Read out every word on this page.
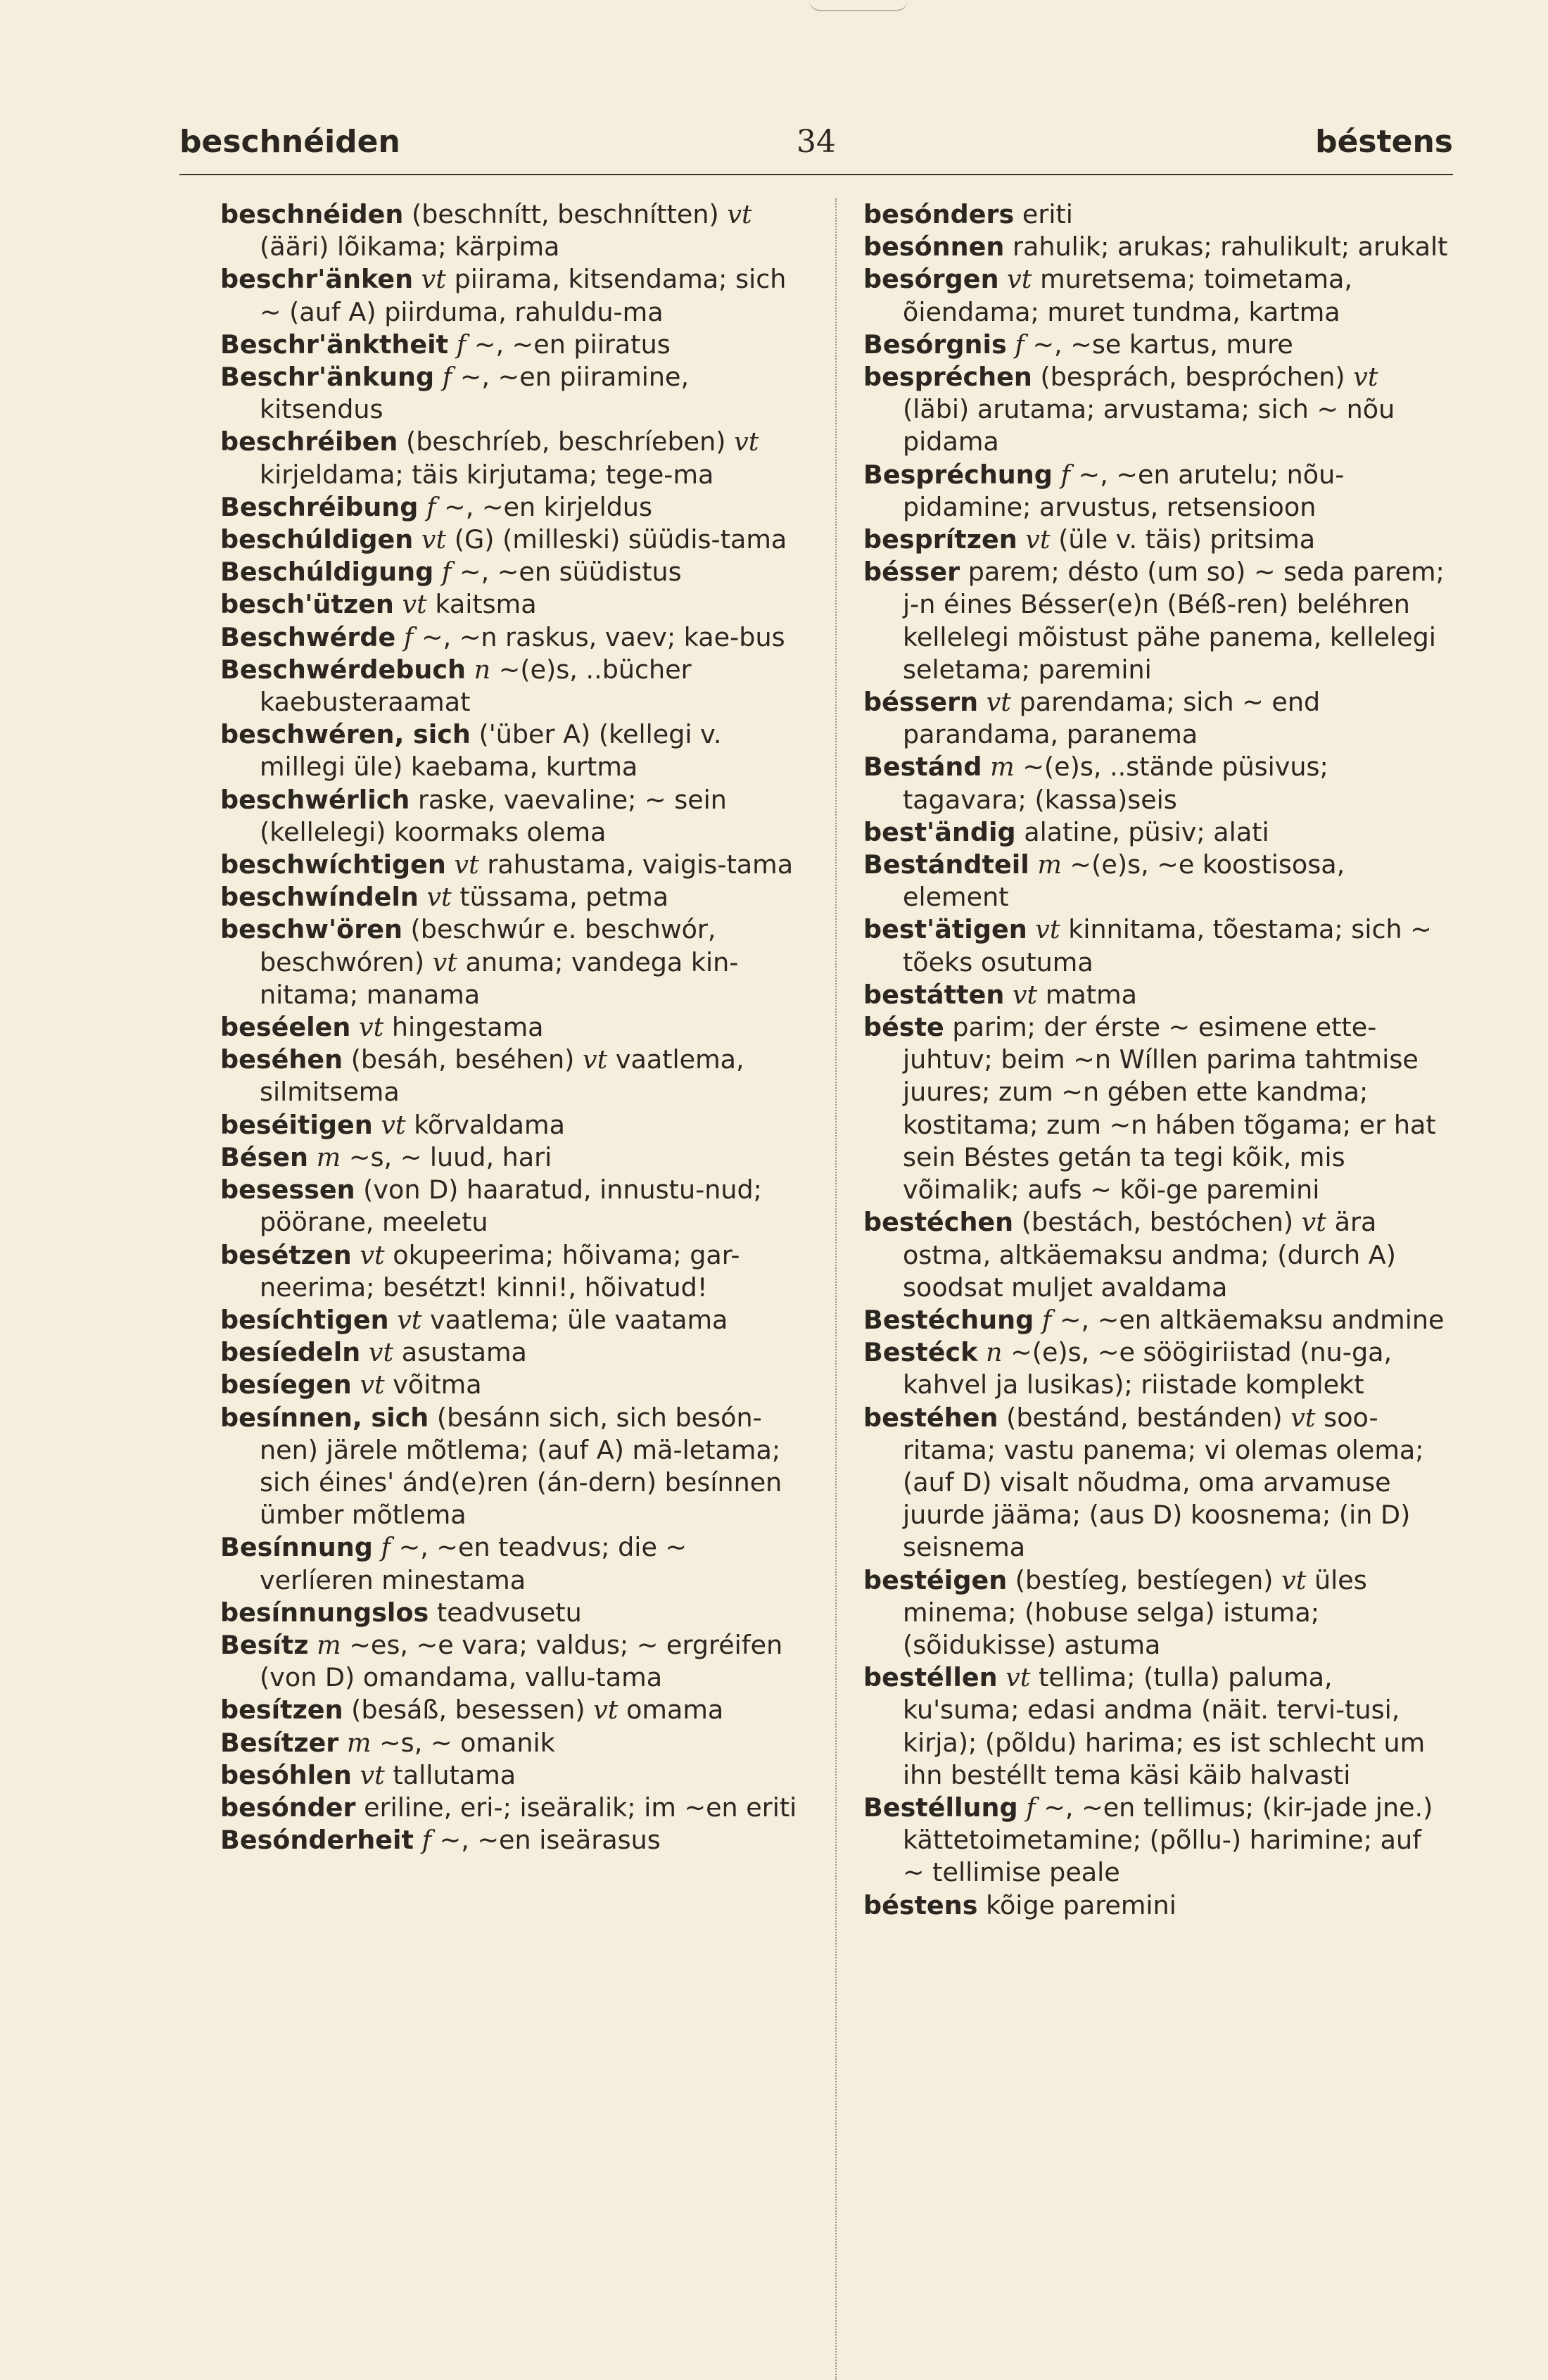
34
beschnéiden	béstens

beschnéiden (beschnítt, beschnítten) vt (ääri) lõikama; kärpima

beschr'änken vt piirama, kitsendama; sich ~ (auf A) piirduma, rahuldu-ma

Beschr'änktheit f ~, ~en piiratus

Beschr'änkung f ~, ~en piiramine, kitsendus

beschréiben (beschríeb, beschríeben) vt kirjeldama; täis kirjutama; tege-ma

Beschréibung f ~, ~en kirjeldus

beschúldigen vt (G) (milleski) süüdis-tama

Beschúldigung f ~, ~en süüdistus

besch'ützen vt kaitsma

Beschwérde f ~, ~n raskus, vaev; kae-bus

Beschwérdebuch n ~(e)s, ..bücher kaebusteraamat

beschwéren, sich ('über A) (kellegi v. millegi üle) kaebama, kurtma

beschwérlich raske, vaevaline; ~ sein (kellelegi) koormaks olema

beschwíchtigen vt rahustama, vaigis-tama

beschwíndeln vt tüssama, petma

beschw'ören (beschwúr e. beschwór, beschwóren) vt anuma; vandega kin-nitama; manama

beséelen vt hingestama

beséhen (besáh, beséhen) vt vaatlema, silmitsema

beséitigen vt kõrvaldama

Bésen m ~s, ~ luud, hari

besessen (von D) haaratud, innustu-nud; pöörane, meeletu

besétzen vt okupeerima; hõivama; gar-neerima; besétzt! kinni!, hõivatud!

besíchtigen vt vaatlema; üle vaatama

besíedeln vt asustama

besíegen vt võitma

besínnen, sich (besánn sich, sich besón-nen) järele mõtlema; (auf A) mä-letama; sich éines' ánd(e)ren (án-dern) besínnen ümber mõtlema

Besínnung f ~, ~en teadvus; die ~ verlíeren minestama

besínnungslos teadvusetu

Besítz m ~es, ~e vara; valdus; ~ ergréifen (von D) omandama, vallu-tama

besítzen (besáß, besessen) vt omama

Besítzer m ~s, ~ omanik

besóhlen vt tallutama

besónder eriline, eri-; iseäralik; im ~en eriti

Besónderheit f ~, ~en iseärasus

besónders eriti

besónnen rahulik; arukas; rahulikult; arukalt

besórgen vt muretsema; toimetama, õiendama; muret tundma, kartma

Besórgnis f ~, ~se kartus, mure

bespréchen (besprách, bespróchen) vt (läbi) arutama; arvustama; sich ~ nõu pidama

Bespréchung f ~, ~en arutelu; nõu-pidamine; arvustus, retsensioon

besprítzen vt (üle v. täis) pritsima

bésser parem; désto (um so) ~ seda parem; j-n éines Bésser(e)n (Béß-ren) beléhren kellelegi mõistust pähe panema, kellelegi seletama; paremini

béssern vt parendama; sich ~ end parandama, paranema

Bestánd m ~(e)s, ..stände püsivus; tagavara; (kassa)seis

best'ändig alatine, püsiv; alati

Bestándteil m ~(e)s, ~e koostisosa, element

best'ätigen vt kinnitama, tõestama; sich ~ tõeks osutuma

bestátten vt matma

béste parim; der érste ~ esimene ette-juhtuv; beim ~n Wíllen parima tahtmise juures; zum ~n gében ette kandma; kostitama; zum ~n háben tõgama; er hat sein Béstes getán ta tegi kõik, mis võimalik; aufs ~ kõi-ge paremini

bestéchen (bestách, bestóchen) vt ära ostma, altkäemaksu andma; (durch A) soodsat muljet avaldama

Bestéchung f ~, ~en altkäemaksu andmine

Bestéck n ~(e)s, ~e söögiriistad (nu-ga, kahvel ja lusikas); riistade komplekt

bestéhen (bestánd, bestánden) vt soo-ritama; vastu panema; vi olemas olema; (auf D) visalt nõudma, oma arvamuse juurde jääma; (aus D) koosnema; (in D) seisnema

bestéigen (bestíeg, bestíegen) vt üles minema; (hobuse selga) istuma; (sõidukisse) astuma

bestéllen vt tellima; (tulla) paluma, ku'suma; edasi andma (näit. tervi-tusi, kirja); (põldu) harima; es ist schlecht um ihn bestéllt tema käsi käib halvasti

Bestéllung f ~, ~en tellimus; (kir-jade jne.) kättetoimetamine; (põllu-) harimine; auf ~ tellimise peale

béstens kõige paremini
